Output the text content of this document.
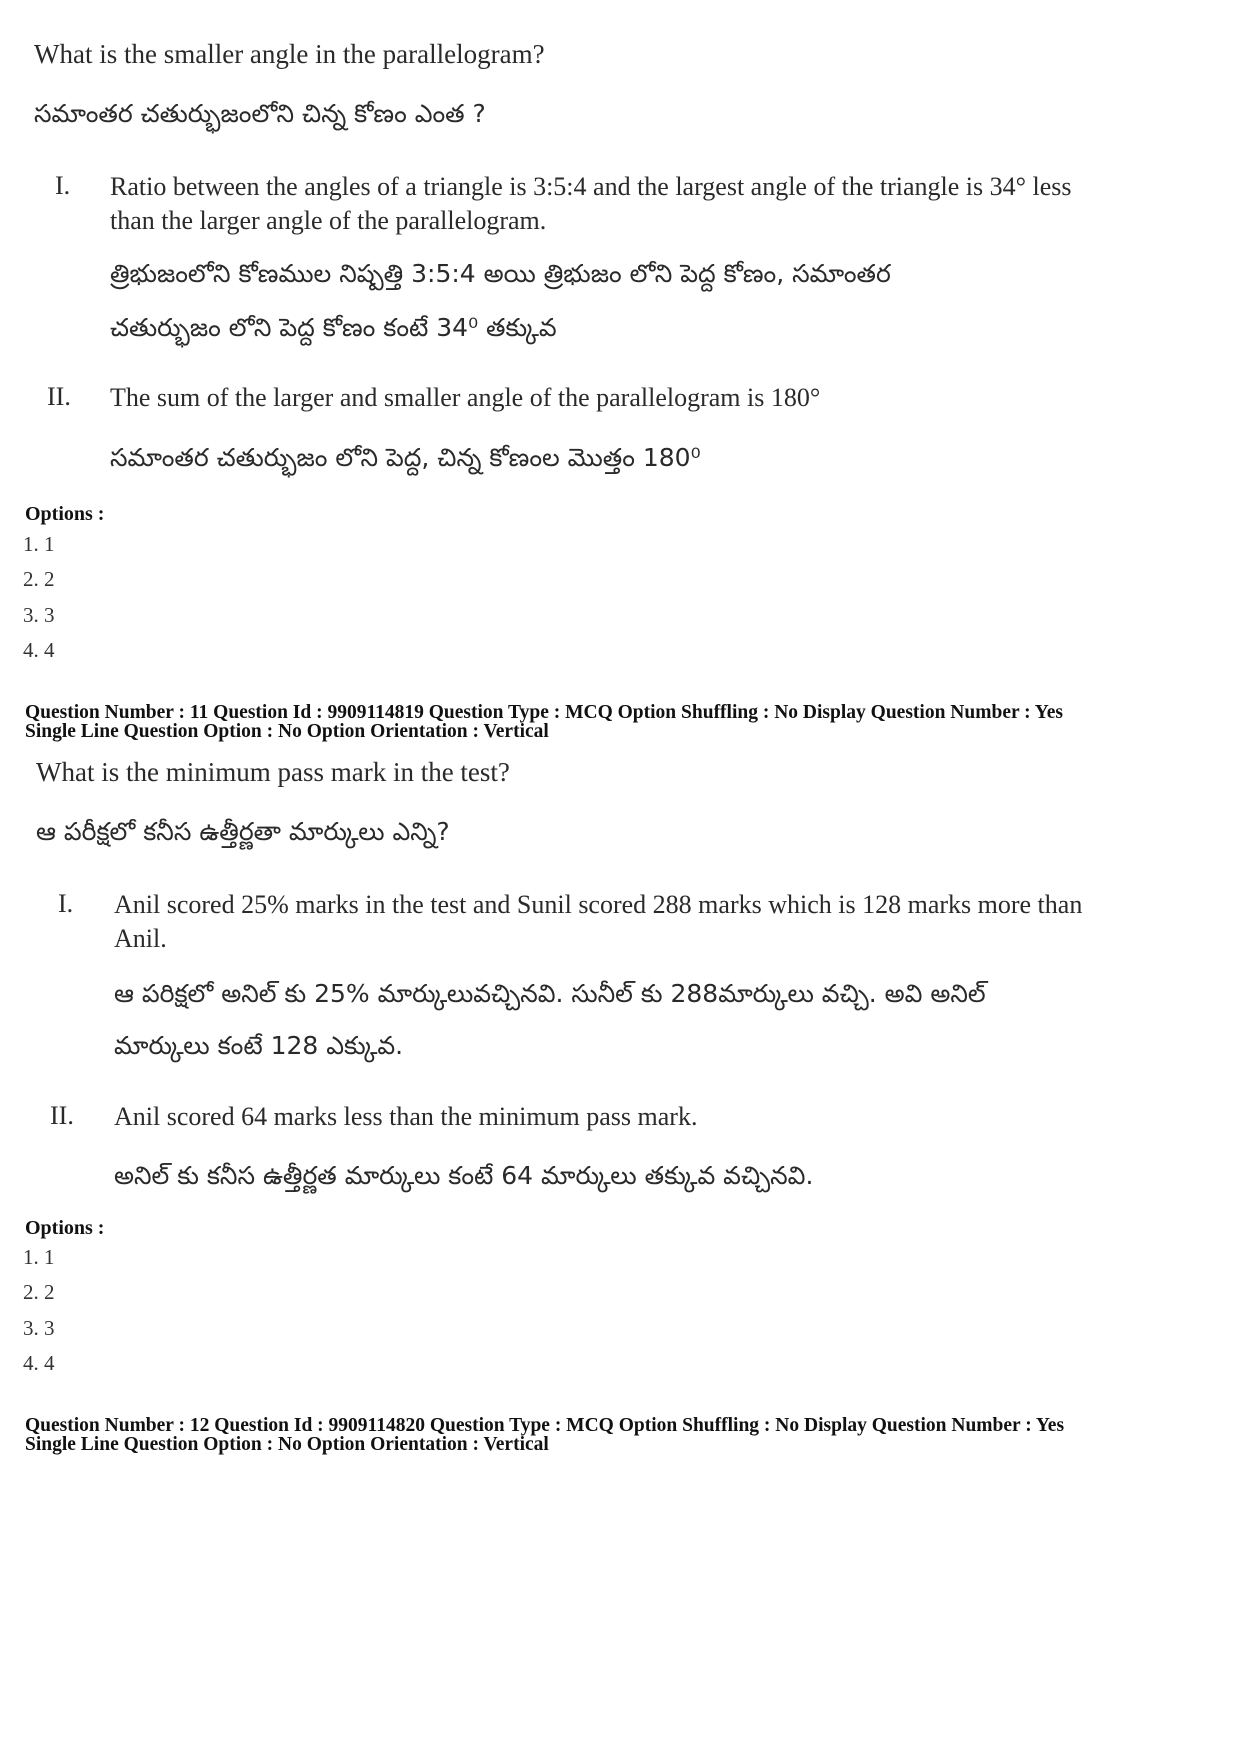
What is the smaller angle in the parallelogram?
సమాంతర చతుర్భుజంలోని చిన్న కోణం ఎంత ?
I. Ratio between the angles of a triangle is 3:5:4 and the largest angle of the triangle is 34° less than the larger angle of the parallelogram.
త్రిభుజంలోని కోణముల నిష్పత్తి 3:5:4 అయి త్రిభుజం లోని పెద్ద కోణం, సమాంతర
చతుర్భుజం లోని పెద్ద కోణం కంటే 34⁰ తక్కువ
II. The sum of the larger and smaller angle of the parallelogram is 180°
సమాంతర చతుర్భుజం లోని పెద్ద, చిన్న కోణంల మొత్తం 180⁰
Options :
1. 1
2. 2
3. 3
4. 4
Question Number : 11 Question Id : 9909114819 Question Type : MCQ Option Shuffling : No Display Question Number : Yes
Single Line Question Option : No Option Orientation : Vertical
What is the minimum pass mark in the test?
ఆ పరీక్షలో కనీస ఉత్తీర్ణతా మార్కులు ఎన్ని?
I. Anil scored 25% marks in the test and Sunil scored 288 marks which is 128 marks more than Anil.
ఆ పరిక్షలో అనిల్ కు 25% మార్కులువచ్చినవి. సునీల్ కు 288మార్కులు వచ్చి. అవి అనిల్
మార్కులు కంటే 128 ఎక్కువ.
II. Anil scored 64 marks less than the minimum pass mark.
అనిల్ కు కనీస ఉత్తీర్ణత మార్కులు కంటే 64 మార్కులు తక్కువ వచ్చినవి.
Options :
1. 1
2. 2
3. 3
4. 4
Question Number : 12 Question Id : 9909114820 Question Type : MCQ Option Shuffling : No Display Question Number : Yes
Single Line Question Option : No Option Orientation : Vertical
